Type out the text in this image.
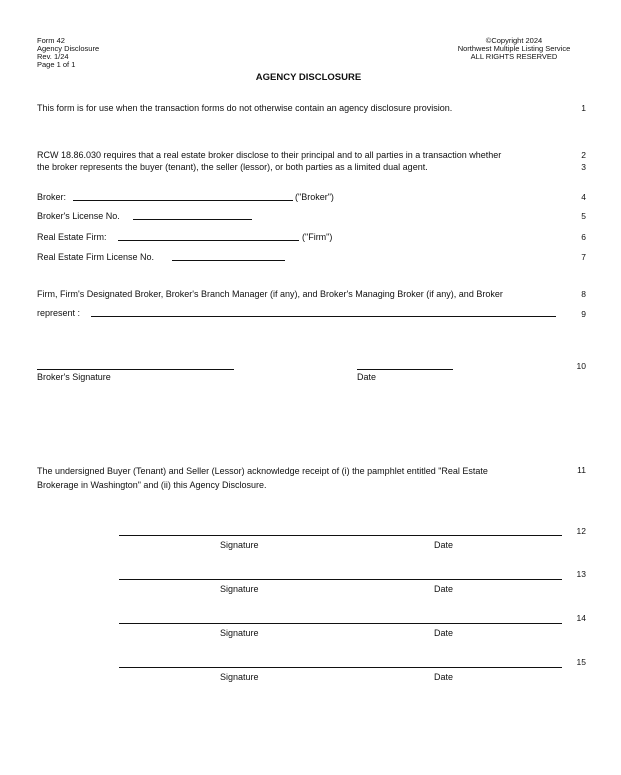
Form 42
Agency Disclosure
Rev. 1/24
Page 1 of 1
©Copyright 2024
Northwest Multiple Listing Service
ALL RIGHTS RESERVED
AGENCY DISCLOSURE
This form is for use when the transaction forms do not otherwise contain an agency disclosure provision.	1
RCW 18.86.030 requires that a real estate broker disclose to their principal and to all parties in a transaction whether
the broker represents the buyer (tenant), the seller (lessor), or both parties as a limited dual agent.
2
3
Broker:	("Broker")	4
Broker's License No.	5
Real Estate Firm:	("Firm")	6
Real Estate Firm License No.	7
Firm, Firm's Designated Broker, Broker's Branch Manager (if any), and Broker's Managing Broker (if any), and Broker	8
represent :	9
Broker's Signature	Date
10
The undersigned Buyer (Tenant) and Seller (Lessor) acknowledge receipt of (i) the pamphlet entitled "Real Estate
Brokerage in Washington" and (ii) this Agency Disclosure.
11
Signature	Date
12
Signature	Date
13
Signature	Date
14
Signature	Date
15
